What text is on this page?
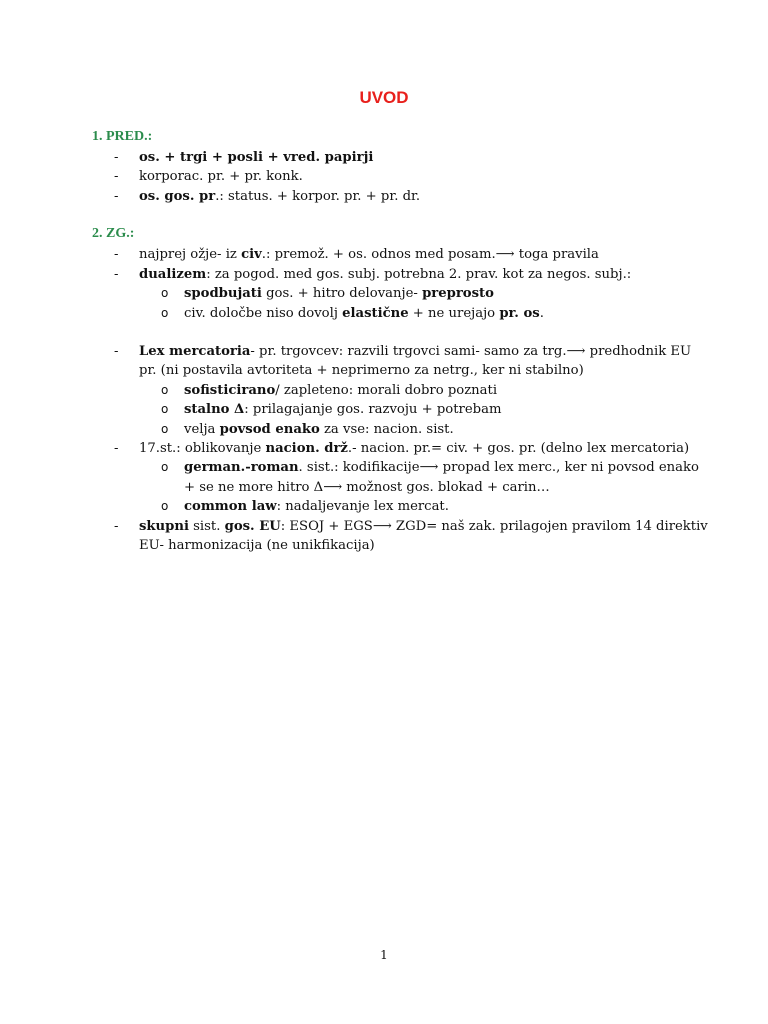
UVOD
1. PRED.:
- os. + trgi + posli + vred. papirji
- korporac. pr. + pr. konk.
- os. gos. pr.: status. + korpor. pr. + pr. dr.
2. ZG.:
- najprej ožje- iz civ.: premož. + os. odnos med posam.⟶ toga pravila
- dualizem: za pogod. med gos. subj. potrebna 2. prav. kot za negos. subj.:
o spodbujati gos. + hitro delovanje- preprosto
o civ. določbe niso dovolj elastične + ne urejajo pr. os.
- Lex mercatoria- pr. trgovcev: razvili trgovci sami- samo za trg.⟶ predhodnik EU
pr. (ni postavila avtoriteta + neprimerno za netrg., ker ni stabilno)
o sofisticirano/ zapleteno: morali dobro poznati
o stalno Δ: prilagajanje gos. razvoju + potrebam
o velja povsod enako za vse: nacion. sist.
- 17.st.: oblikovanje nacion. drž.- nacion. pr.= civ. + gos. pr. (delno lex mercatoria)
o german.-roman. sist.: kodifikacije⟶ propad lex merc., ker ni povsod enako
+ se ne more hitro Δ⟶ možnost gos. blokad + carin…
o common law: nadaljevanje lex mercat.
- skupni sist. gos. EU: ESOJ + EGS⟶ ZGD= naš zak. prilagojen pravilom 14 direktiv
EU- harmonizacija (ne unikfikacija)
1
